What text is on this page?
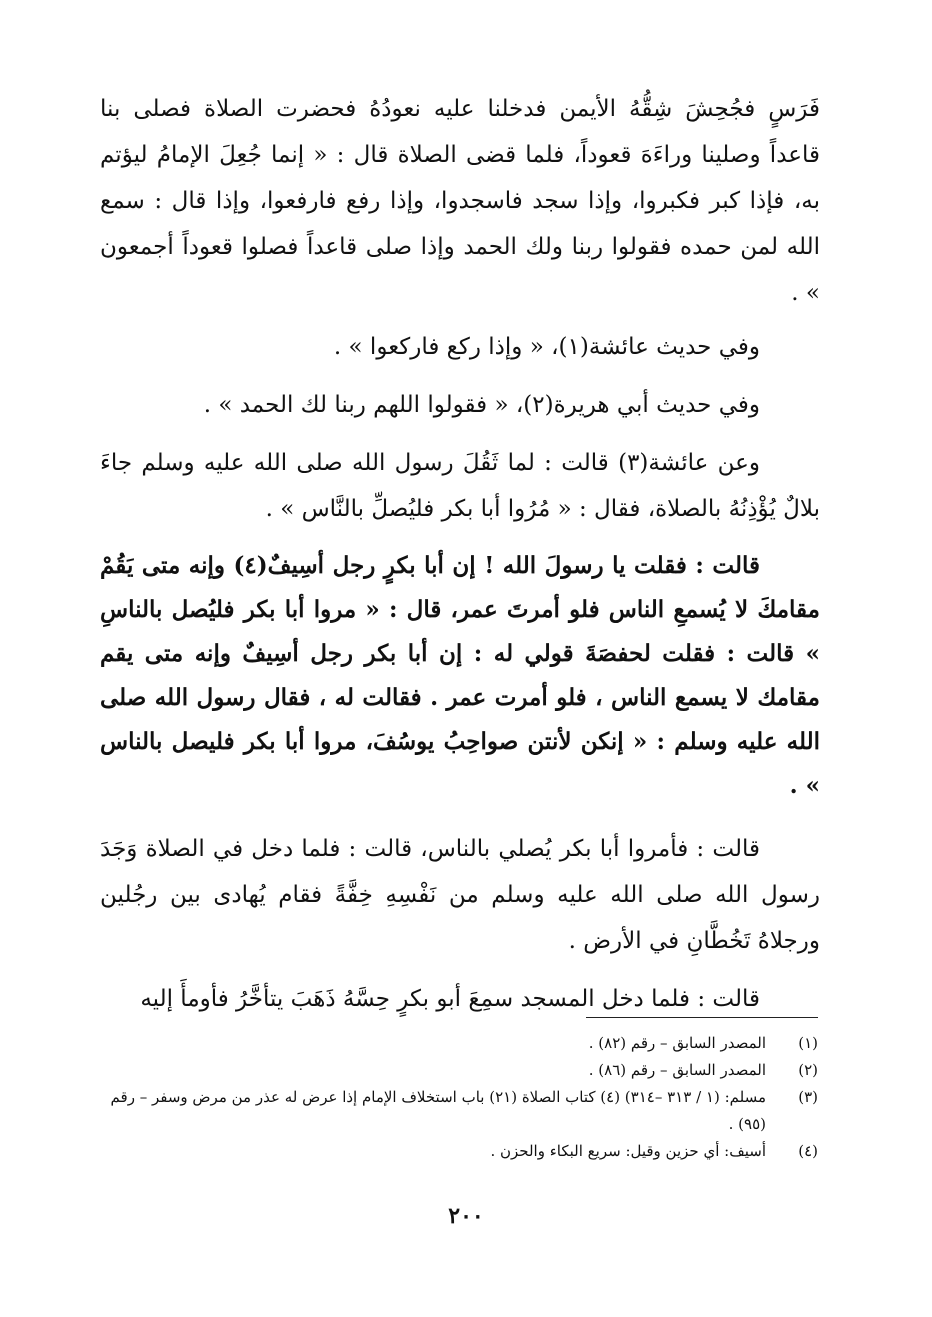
فَرَسٍ فجُحِشَ شِقُّهُ الأيمن فدخلنا عليه نعودُهُ فحضرت الصلاة فصلى بنا قاعداً وصلينا وراءَهَ قعوداً، فلما قضى الصلاة قال : « إنما جُعِلَ الإمامُ ليؤتم به، فإذا كبر فكبروا، وإذا سجد فاسجدوا، وإذا رفع فارفعوا، وإذا قال : سمع الله لمن حمده فقولوا ربنا ولك الحمد وإذا صلى قاعداً فصلوا قعوداً أجمعون » .

وفي حديث عائشة(١)، « وإذا ركع فاركعوا » .

وفي حديث أبي هريرة(٢)، « فقولوا اللهم ربنا لك الحمد » .

وعن عائشة(٣) قالت : لما ثَقُلَ رسول الله صلى الله عليه وسلم جاءَ بلالٌ يُؤْذِنُهُ بالصلاة، فقال : « مُرُوا أبا بكر فليُصلِّ بالنَّاس » .

قالت : فقلت يا رسولَ الله ! إن أبا بكرٍ رجل أسِيفٌ(٤) وإنه متى يَقُمْ مقامكَ لا يُسمعِ الناس فلو أمرتَ عمر، قال : « مروا أبا بكر فليُصل بالناسِ » قالت : فقلت لحفصَةَ قولي له : إن أبا بكر رجل أسِيفٌ وإنه متى يقم مقامك لا يسمع الناس ، فلو أمرت عمر . فقالت له ، فقال رسول الله صلى الله عليه وسلم : « إنكن لأنتن صواحِبُ يوسُفَ، مروا أبا بكر فليصل بالناس » .

قالت : فأمروا أبا بكر يُصلي بالناس، قالت : فلما دخل في الصلاة وَجَدَ رسول الله صلى الله عليه وسلم من نَفْسِهِ خِفَّةً فقام يُهادى بين رجُلين ورجلاهُ تَخُطَّانِ في الأرض .

قالت : فلما دخل المسجد سمِعَ أبو بكرٍ حِسَّهُ ذَهَبَ يتأخَّرُ فأومأَ إليه

(١)
المصدر السابق – رقم (٨٢) .
(٢)
المصدر السابق – رقم (٨٦) .
(٣)
مسلم: (١ / ٣١٣ –٣١٤) (٤) كتاب الصلاة (٢١) باب استخلاف الإمام إذا عرض له عذر من مرض وسفر – رقم (٩٥) .
(٤)
أسيف: أي حزين وقيل: سريع البكاء والحزن .
٢٠٠
